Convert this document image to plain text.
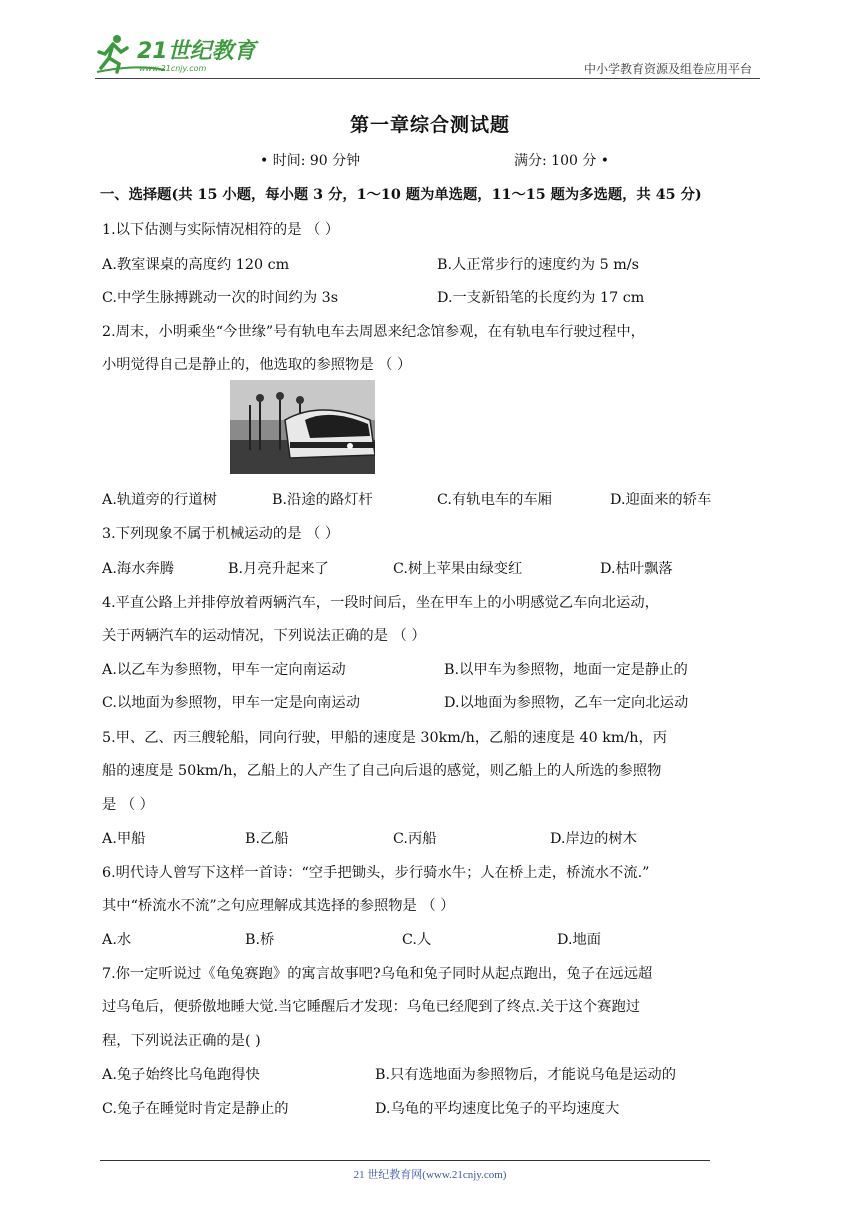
21世纪教育
www.21cnjy.com	中小学教育资源及组卷应用平台
第一章综合测试题
• 时间: 90 分钟	满分: 100 分 •
一、选择题(共 15 小题，每小题 3 分，1～10 题为单选题，11～15 题为多选题，共 45 分)
1.以下估测与实际情况相符的是 （ ）
A.教室课桌的高度约 120 cm	B.人正常步行的速度约为 5 m/s
C.中学生脉搏跳动一次的时间约为 3s	D.一支新铅笔的长度约为 17 cm
2.周末，小明乘坐“今世缘”号有轨电车去周恩来纪念馆参观，在有轨电车行驶过程中，
小明觉得自己是静止的，他选取的参照物是 （ ）
A.轨道旁的行道树	B.沿途的路灯杆	C.有轨电车的车厢	D.迎面来的轿车
3.下列现象不属于机械运动的是 （ ）
A.海水奔腾	B.月亮升起来了	C.树上苹果由绿变红	D.枯叶飘落
4.平直公路上并排停放着两辆汽车，一段时间后，坐在甲车上的小明感觉乙车向北运动，
关于两辆汽车的运动情况，下列说法正确的是 （ ）
A.以乙车为参照物，甲车一定向南运动	B.以甲车为参照物，地面一定是静止的
C.以地面为参照物，甲车一定是向南运动	D.以地面为参照物，乙车一定向北运动
5.甲、乙、丙三艘轮船，同向行驶，甲船的速度是 30km/h，乙船的速度是 40 km/h，丙
船的速度是 50km/h，乙船上的人产生了自己向后退的感觉，则乙船上的人所选的参照物
是 （ ）
A.甲船	B.乙船	C.丙船	D.岸边的树木
6.明代诗人曾写下这样一首诗：“空手把锄头，步行骑水牛；人在桥上走，桥流水不流.”
其中“桥流水不流”之句应理解成其选择的参照物是 （ ）
A.水	B.桥	C.人	D.地面
7.你一定听说过《龟兔赛跑》的寓言故事吧?乌龟和兔子同时从起点跑出，兔子在远远超
过乌龟后，便骄傲地睡大觉.当它睡醒后才发现：乌龟已经爬到了终点.关于这个赛跑过
程，下列说法正确的是( )
A.兔子始终比乌龟跑得快	B.只有选地面为参照物后，才能说乌龟是运动的
C.兔子在睡觉时肯定是静止的	D.乌龟的平均速度比兔子的平均速度大
21 世纪教育网(www.21cnjy.com)
